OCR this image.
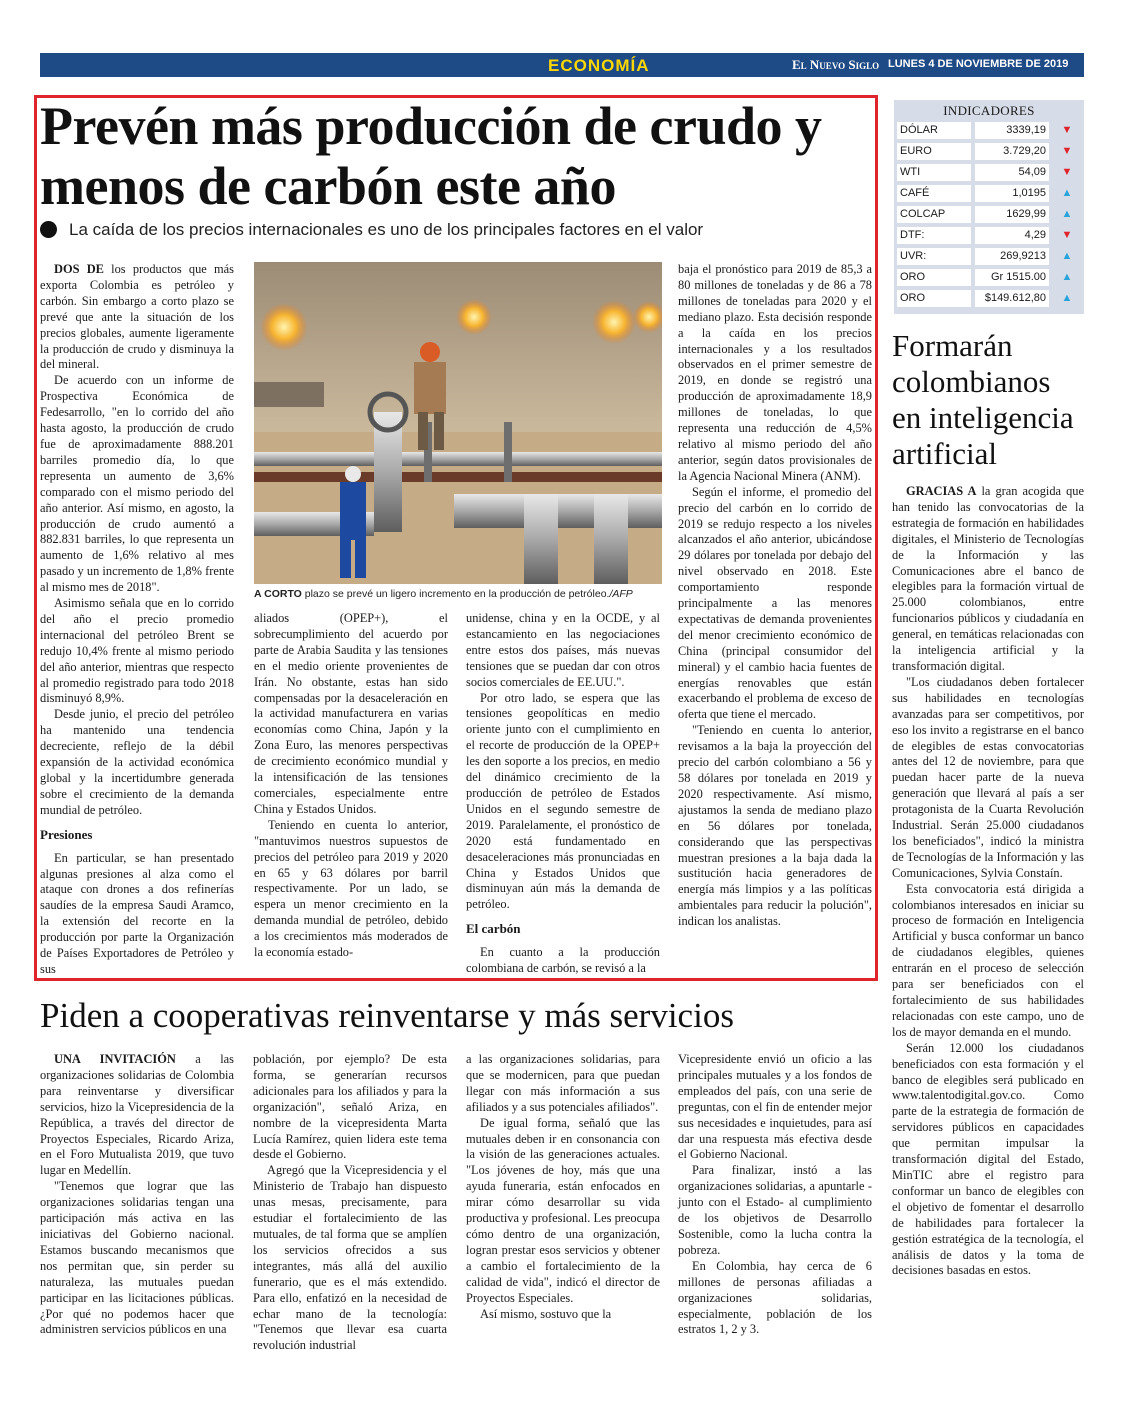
ECONOMÍA	El Nuevo Siglo LUNES 4 DE NOVIEMBRE DE 2019 3B
Prevén más producción de crudo y menos de carbón este año
La caída de los precios internacionales es uno de los principales factores en el valor

DOS DE los productos que más exporta Colombia es petróleo y carbón. Sin embargo a corto plazo se prevé que ante la situación de los precios globales, aumente ligeramente la producción de crudo y disminuya la del mineral.

De acuerdo con un informe de Prospectiva Económica de Fedesarrollo, "en lo corrido del año hasta agosto, la producción de crudo fue de aproximadamente 888.201 barriles promedio día, lo que representa un aumento de 3,6% comparado con el mismo periodo del año anterior. Así mismo, en agosto, la producción de crudo aumentó a 882.831 barriles, lo que representa un aumento de 1,6% relativo al mes pasado y un incremento de 1,8% frente al mismo mes de 2018".

Asimismo señala que en lo corrido del año el precio promedio internacional del petróleo Brent se redujo 10,4% frente al mismo periodo del año anterior, mientras que respecto al promedio registrado para todo 2018 disminuyó 8,9%.

Desde junio, el precio del petróleo ha mantenido una tendencia decreciente, reflejo de la débil expansión de la actividad económica global y la incertidumbre generada sobre el crecimiento de la demanda mundial de petróleo.

Presiones

En particular, se han presentado algunas presiones al alza como el ataque con drones a dos refinerías saudíes de la empresa Saudi Aramco, la extensión del recorte en la producción por parte la Organización de Países Exportadores de Petróleo y sus

A CORTO plazo se prevé un ligero incremento en la producción de petróleo./AFP

aliados (OPEP+), el sobrecumplimiento del acuerdo por parte de Arabia Saudita y las tensiones en el medio oriente provenientes de Irán. No obstante, estas han sido compensadas por la desaceleración en la actividad manufacturera en varias economías como China, Japón y la Zona Euro, las menores perspectivas de crecimiento económico mundial y la intensificación de las tensiones comerciales, especialmente entre China y Estados Unidos.

Teniendo en cuenta lo anterior, "mantuvimos nuestros supuestos de precios del petróleo para 2019 y 2020 en 65 y 63 dólares por barril respectivamente. Por un lado, se espera un menor crecimiento en la demanda mundial de petróleo, debido a los crecimientos más moderados de la economía estado-

unidense, china y en la OCDE, y al estancamiento en las negociaciones entre estos dos países, más nuevas tensiones que se puedan dar con otros socios comerciales de EE.UU.".

Por otro lado, se espera que las tensiones geopolíticas en medio oriente junto con el cumplimiento en el recorte de producción de la OPEP+ les den soporte a los precios, en medio del dinámico crecimiento de la producción de petróleo de Estados Unidos en el segundo semestre de 2019. Paralelamente, el pronóstico de 2020 está fundamentado en desaceleraciones más pronunciadas en China y Estados Unidos que disminuyan aún más la demanda de petróleo.

El carbón

En cuanto a la producción colombiana de carbón, se revisó a la

baja el pronóstico para 2019 de 85,3 a 80 millones de toneladas y de 86 a 78 millones de toneladas para 2020 y el mediano plazo. Esta decisión responde a la caída en los precios internacionales y a los resultados observados en el primer semestre de 2019, en donde se registró una producción de aproximadamente 18,9 millones de toneladas, lo que representa una reducción de 4,5% relativo al mismo periodo del año anterior, según datos provisionales de la Agencia Nacional Minera (ANM).

Según el informe, el promedio del precio del carbón en lo corrido de 2019 se redujo respecto a los niveles alcanzados el año anterior, ubicándose 29 dólares por tonelada por debajo del nivel observado en 2018. Este comportamiento responde principalmente a las menores expectativas de demanda provenientes del menor crecimiento económico de China (principal consumidor del mineral) y el cambio hacia fuentes de energías renovables que están exacerbando el problema de exceso de oferta que tiene el mercado.

"Teniendo en cuenta lo anterior, revisamos a la baja la proyección del precio del carbón colombiano a 56 y 58 dólares por tonelada en 2019 y 2020 respectivamente. Así mismo, ajustamos la senda de mediano plazo en 56 dólares por tonelada, considerando que las perspectivas muestran presiones a la baja dada la sustitución hacia generadores de energía más limpios y a las políticas ambientales para reducir la polución", indican los analistas.

INDICADORES
DÓLAR	3339,19	▼
EURO	3.729,20	▼
WTI	54,09	▼
CAFÉ	1,0195	▲
COLCAP	1629,99	▲
DTF:	4,29	▼
UVR:	269,9213	▲
ORO	Gr 1515.00	▲
ORO	$149.612,80	▲
Formarán colombianos en inteligencia artificial

GRACIAS A la gran acogida que han tenido las convocatorias de la estrategia de formación en habilidades digitales, el Ministerio de Tecnologías de la Información y las Comunicaciones abre el banco de elegibles para la formación virtual de 25.000 colombianos, entre funcionarios públicos y ciudadanía en general, en temáticas relacionadas con la inteligencia artificial y la transformación digital.

"Los ciudadanos deben fortalecer sus habilidades en tecnologías avanzadas para ser competitivos, por eso los invito a registrarse en el banco de elegibles de estas convocatorias antes del 12 de noviembre, para que puedan hacer parte de la nueva generación que llevará al país a ser protagonista de la Cuarta Revolución Industrial. Serán 25.000 ciudadanos los beneficiados", indicó la ministra de Tecnologías de la Información y las Comunicaciones, Sylvia Constaín.

Esta convocatoria está dirigida a colombianos interesados en iniciar su proceso de formación en Inteligencia Artificial y busca conformar un banco de ciudadanos elegibles, quienes entrarán en el proceso de selección para ser beneficiados con el fortalecimiento de sus habilidades relacionadas con este campo, uno de los de mayor demanda en el mundo.

Serán 12.000 los ciudadanos beneficiados con esta formación y el banco de elegibles será publicado en www.talentodigital.gov.co. Como parte de la estrategia de formación de servidores públicos en capacidades que permitan impulsar la transformación digital del Estado, MinTIC abre el registro para conformar un banco de elegibles con el objetivo de fomentar el desarrollo de habilidades para fortalecer la gestión estratégica de la tecnología, el análisis de datos y la toma de decisiones basadas en estos.

Piden a cooperativas reinventarse y más servicios

UNA INVITACIÓN a las organizaciones solidarias de Colombia para reinventarse y diversificar servicios, hizo la Vicepresidencia de la República, a través del director de Proyectos Especiales, Ricardo Ariza, en el Foro Mutualista 2019, que tuvo lugar en Medellín.

"Tenemos que lograr que las organizaciones solidarias tengan una participación más activa en las iniciativas del Gobierno nacional. Estamos buscando mecanismos que nos permitan que, sin perder su naturaleza, las mutuales puedan participar en las licitaciones públicas. ¿Por qué no podemos hacer que administren servicios públicos en una

población, por ejemplo? De esta forma, se generarían recursos adicionales para los afiliados y para la organización", señaló Ariza, en nombre de la vicepresidenta Marta Lucía Ramírez, quien lidera este tema desde el Gobierno.

Agregó que la Vicepresidencia y el Ministerio de Trabajo han dispuesto unas mesas, precisamente, para estudiar el fortalecimiento de las mutuales, de tal forma que se amplíen los servicios ofrecidos a sus integrantes, más allá del auxilio funerario, que es el más extendido. Para ello, enfatizó en la necesidad de echar mano de la tecnología: "Tenemos que llevar esa cuarta revolución industrial

a las organizaciones solidarias, para que se modernicen, para que puedan llegar con más información a sus afiliados y a sus potenciales afiliados".

De igual forma, señaló que las mutuales deben ir en consonancia con la visión de las generaciones actuales. "Los jóvenes de hoy, más que una ayuda funeraria, están enfocados en mirar cómo desarrollar su vida productiva y profesional. Les preocupa cómo dentro de una organización, logran prestar esos servicios y obtener a cambio el fortalecimiento de la calidad de vida", indicó el director de Proyectos Especiales.

Así mismo, sostuvo que la

Vicepresidente envió un oficio a las principales mutuales y a los fondos de empleados del país, con una serie de preguntas, con el fin de entender mejor sus necesidades e inquietudes, para así dar una respuesta más efectiva desde el Gobierno Nacional.

Para finalizar, instó a las organizaciones solidarias, a apuntarle -junto con el Estado- al cumplimiento de los objetivos de Desarrollo Sostenible, como la lucha contra la pobreza.

En Colombia, hay cerca de 6 millones de personas afiliadas a organizaciones solidarias, especialmente, población de los estratos 1, 2 y 3.
